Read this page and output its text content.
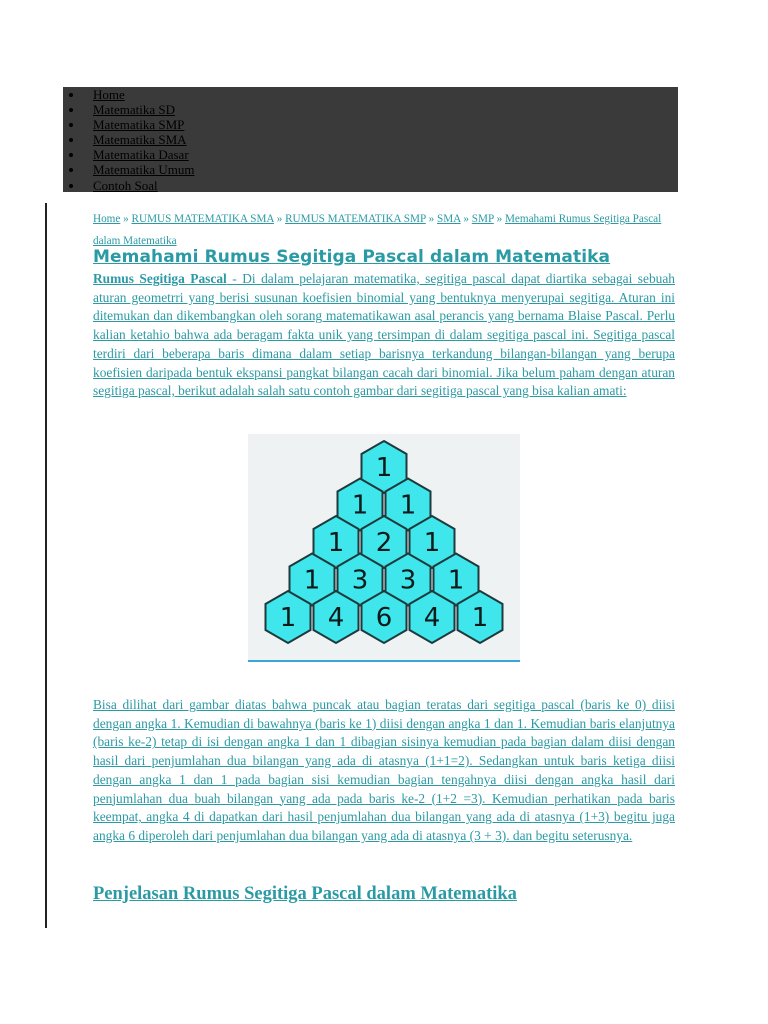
Home
Matematika SD
Matematika SMP
Matematika SMA
Matematika Dasar
Matematika Umum
Contoh Soal
Home » RUMUS MATEMATIKA SMA » RUMUS MATEMATIKA SMP » SMA » SMP » Memahami Rumus Segitiga Pascal dalam Matematika
Memahami Rumus Segitiga Pascal dalam Matematika

Rumus Segitiga Pascal - Di dalam pelajaran matematika, segitiga pascal dapat diartika sebagai sebuah aturan geometrri yang berisi susunan koefisien binomial yang bentuknya menyerupai segitiga. Aturan ini ditemukan dan dikembangkan oleh sorang matematikawan asal perancis yang bernama Blaise Pascal. Perlu kalian ketahio bahwa ada beragam fakta unik yang tersimpan di dalam segitiga pascal ini. Segitiga pascal terdiri dari beberapa baris dimana dalam setiap barisnya terkandung bilangan-bilangan yang berupa koefisien daripada bentuk ekspansi pangkat bilangan cacah dari binomial. Jika belum paham dengan aturan segitiga pascal, berikut adalah salah satu contoh gambar dari segitiga pascal yang bisa kalian amati:

1
1 1
1 2 1
1 3 3 1
1 4 6 4 1

Bisa dilihat dari gambar diatas bahwa puncak atau bagian teratas dari segitiga pascal (baris ke 0) diisi dengan angka 1. Kemudian di bawahnya (baris ke 1) diisi dengan angka 1 dan 1. Kemudian baris elanjutnya (baris ke-2) tetap di isi dengan angka 1 dan 1 dibagian sisinya kemudian pada bagian dalam diisi dengan hasil dari penjumlahan dua bilangan yang ada di atasnya (1+1=2). Sedangkan untuk baris ketiga diisi dengan angka 1 dan 1 pada bagian sisi kemudian bagian tengahnya diisi dengan angka hasil dari penjumlahan dua buah bilangan yang ada pada baris ke-2 (1+2 =3). Kemudian perhatikan pada baris keempat, angka 4 di dapatkan dari hasil penjumlahan dua bilangan yang ada di atasnya (1+3) begitu juga angka 6 diperoleh dari penjumlahan dua bilangan yang ada di atasnya (3 + 3). dan begitu seterusnya.

Penjelasan Rumus Segitiga Pascal dalam Matematika
